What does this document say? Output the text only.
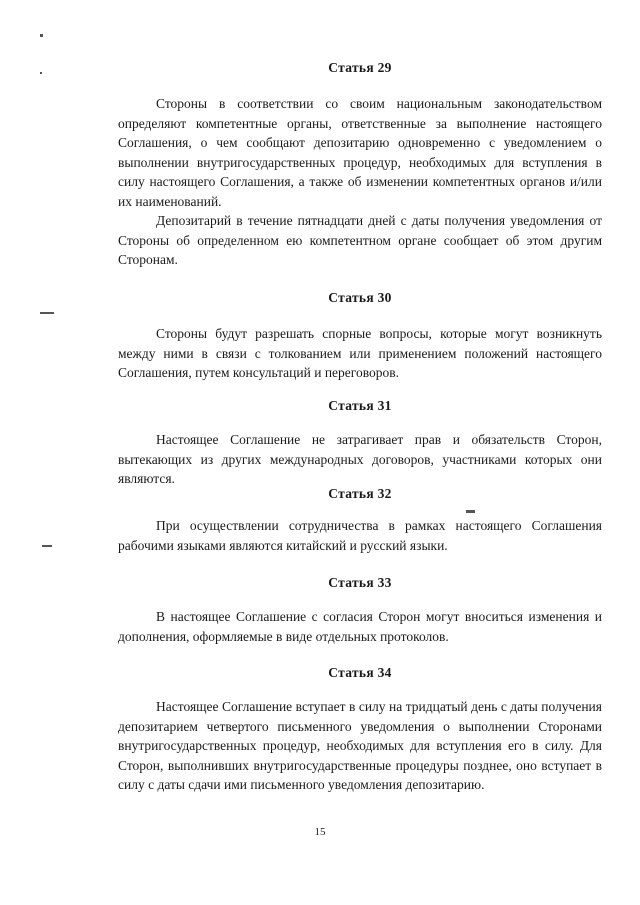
Статья 29

Стороны в соответствии со своим национальным законодательством определяют компетентные органы, ответственные за выполнение настоящего Соглашения, о чем сообщают депозитарию одновременно с уведомлением о выполнении внутригосударственных процедур, необходимых для вступления в силу настоящего Соглашения, а также об изменении компетентных органов и/или их наименований.

Депозитарий в течение пятнадцати дней с даты получения уведомления от Стороны об определенном ею компетентном органе сообщает об этом другим Сторонам.

Статья 30

Стороны будут разрешать спорные вопросы, которые могут возникнуть между ними в связи с толкованием или применением положений настоящего Соглашения, путем консультаций и переговоров.

Статья 31

Настоящее Соглашение не затрагивает прав и обязательств Сторон, вытекающих из других международных договоров, участниками которых они являются.

Статья 32

При осуществлении сотрудничества в рамках настоящего Соглашения рабочими языками являются китайский и русский языки.

Статья 33

В настоящее Соглашение с согласия Сторон могут вноситься изменения и дополнения, оформляемые в виде отдельных протоколов.

Статья 34

Настоящее Соглашение вступает в силу на тридцатый день с даты получения депозитарием четвертого письменного уведомления о выполнении Сторонами внутригосударственных процедур, необходимых для вступления его в силу. Для Сторон, выполнивших внутригосударственные процедуры позднее, оно вступает в силу с даты сдачи ими письменного уведомления депозитарию.

15
